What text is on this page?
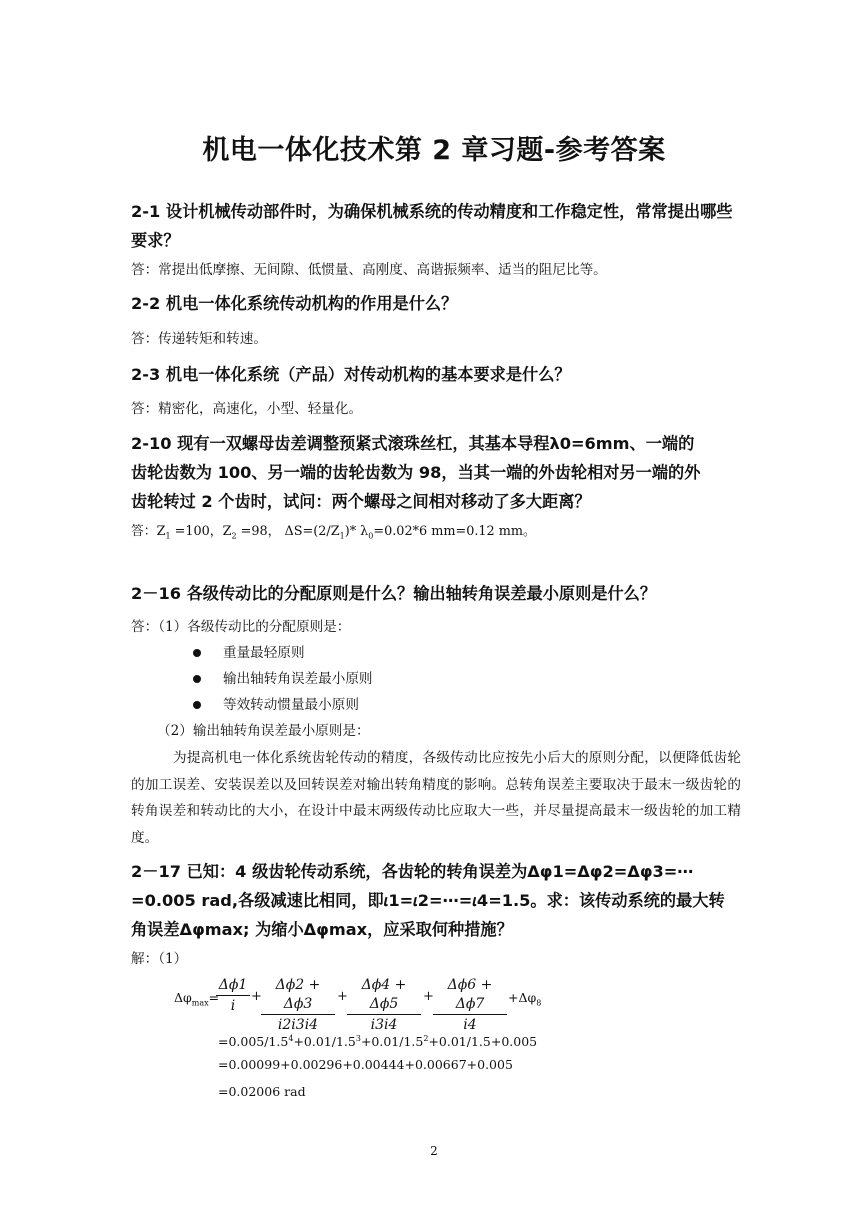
机电一体化技术第 2 章习题-参考答案
2-1 设计机械传动部件时，为确保机械系统的传动精度和工作稳定性，常常提出哪些要求？
答：常提出低摩擦、无间隙、低惯量、高刚度、高谐振频率、适当的阻尼比等。
2-2 机电一体化系统传动机构的作用是什么？
答：传递转矩和转速。
2-3 机电一体化系统（产品）对传动机构的基本要求是什么？
答：精密化，高速化，小型、轻量化。
2-10 现有一双螺母齿差调整预紧式滚珠丝杠，其基本导程λ0=6mm、一端的
齿轮齿数为 100、另一端的齿轮齿数为 98，当其一端的外齿轮相对另一端的外
齿轮转过 2 个齿时，试问：两个螺母之间相对移动了多大距离？
答：$Z_1 =100$，$Z_2 =98$， $\Delta S=(2/Z_1)*$ $\lambda_0=0.02*6$ mm=0.12 mm。
2－16 各级传动比的分配原则是什么？输出轴转角误差最小原则是什么？
答：（1）各级传动比的分配原则是：
重量最轻原则
输出轴转角误差最小原则
等效转动惯量最小原则
（2）输出轴转角误差最小原则是：
为提高机电一体化系统齿轮传动的精度，各级传动比应按先小后大的原则分配，以便降低齿轮的加工误差、安装误差以及回转误差对输出转角精度的影响。总转角误差主要取决于最末一级齿轮的转角误差和转动比的大小，在设计中最末两级传动比应取大一些，并尽量提高最末一级齿轮的加工精度。
2－17 已知：4 级齿轮传动系统，各齿轮的转角误差为Δφ1=Δφ2=Δφ3=⋯
=0.005 rad,各级减速比相同，即𝜄1=𝜄2=⋯=𝜄4=1.5。求：该传动系统的最大转
角误差Δφmax; 为缩小Δφmax，应采取何种措施？
解：（1）
$\Delta\varphi_{max}=$
$\frac{\Delta\phi 1}{i} + \frac{\Delta\phi 2 + \Delta\phi 3}{i2i3i4} + \frac{\Delta\phi 4 + \Delta\phi 5}{i3i4} + \frac{\Delta\phi 6 + \Delta\phi 7}{i4} +\Delta\varphi_8$
$=0.005/1.5^4+0.01/1.5^3+0.01/1.5^2+0.01/1.5+0.005$
=0.00099+0.00296+0.00444+0.00667+0.005
=0.02006 rad
2
